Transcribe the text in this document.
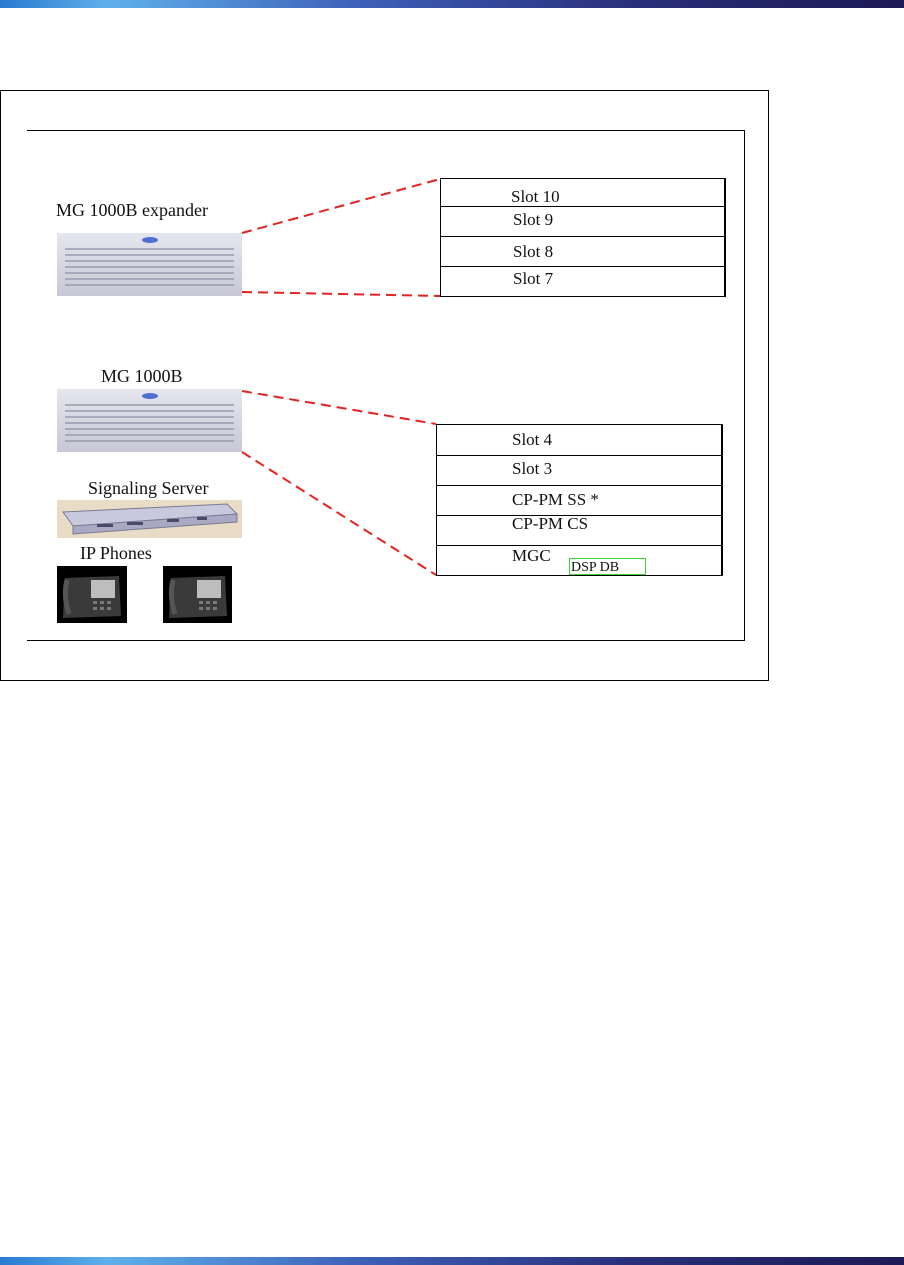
MG 1000B expander
MG 1000B
Signaling Server
IP Phones
Slot 10
Slot 9
Slot 8
Slot 7
Slot 4
Slot 3
CP-PM SS *
CP-PM CS
MGC
DSP DB
